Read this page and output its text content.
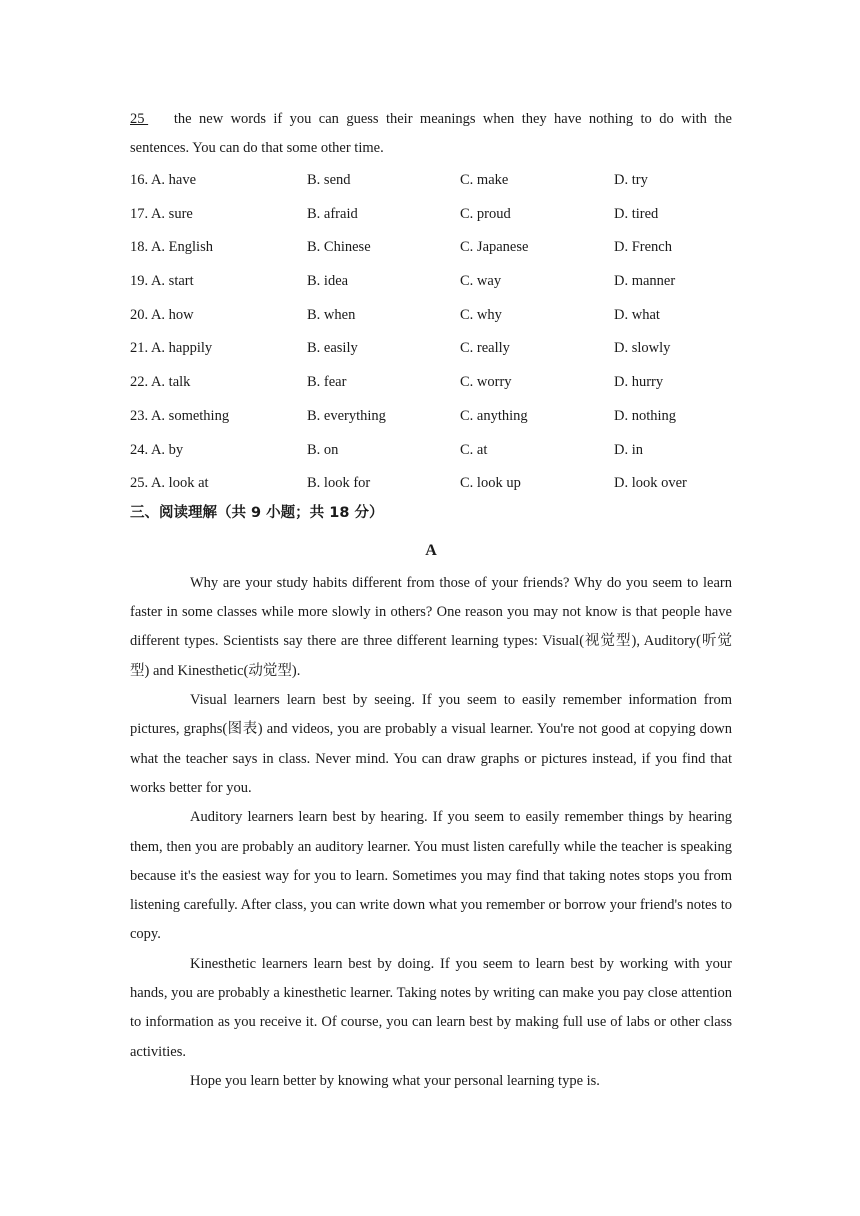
25  the new words if you can guess their meanings when they have nothing to do with the
sentences. You can do that some other time.
16. A. have	B. send	C. make	D. try
17. A. sure	B. afraid	C. proud	D. tired
18. A. English	B. Chinese	C. Japanese	D. French
19. A. start	B. idea	C. way	D. manner
20. A. how	B. when	C. why	D. what
21. A. happily	B. easily	C. really	D. slowly
22. A. talk	B. fear	C. worry	D. hurry
23. A. something	B. everything	C. anything	D. nothing
24. A. by	B. on	C. at	D. in
25. A. look at	B. look for	C. look up	D. look over
三、阅读理解（共 9 小题；共 18 分）
A

Why are your study habits different from those of your friends? Why do you seem to learn faster in some classes while more slowly in others? One reason you may not know is that people have different types. Scientists say there are three different learning types: Visual(视觉型), Auditory(听觉型) and Kinesthetic(动觉型).

Visual learners learn best by seeing. If you seem to easily remember information from pictures, graphs(图表) and videos, you are probably a visual learner. You're not good at copying down what the teacher says in class. Never mind. You can draw graphs or pictures instead, if you find that works better for you.

Auditory learners learn best by hearing. If you seem to easily remember things by hearing them, then you are probably an auditory learner. You must listen carefully while the teacher is speaking because it's the easiest way for you to learn. Sometimes you may find that taking notes stops you from listening carefully. After class, you can write down what you remember or borrow your friend's notes to copy.

Kinesthetic learners learn best by doing. If you seem to learn best by working with your hands, you are probably a kinesthetic learner. Taking notes by writing can make you pay close attention to information as you receive it. Of course, you can learn best by making full use of labs or other class activities.

Hope you learn better by knowing what your personal learning type is.
